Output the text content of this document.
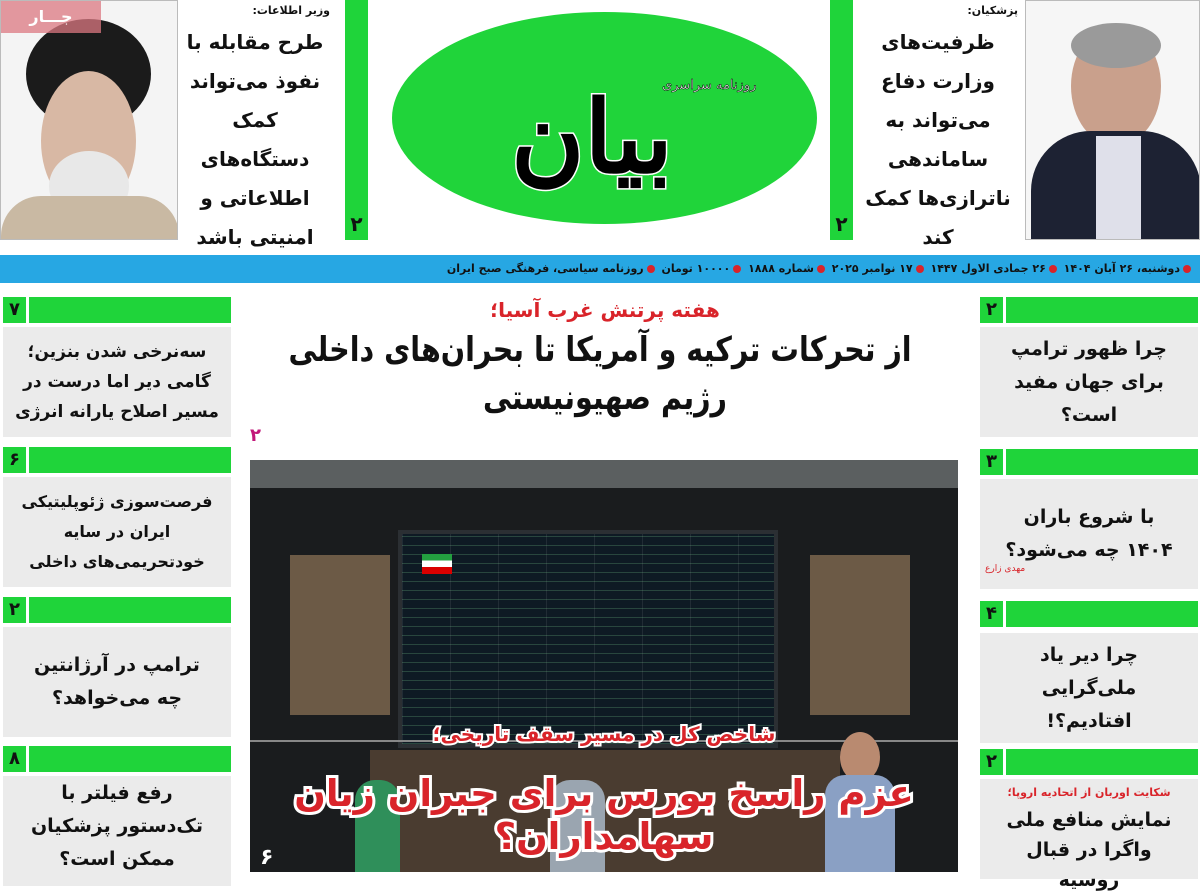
جـــار	وزیر اطلاعات:
طرح مقابله با نفوذ می‌تواند کمک دستگاه‌های اطلاعاتی و امنیتی باشد
۲
روزنامه سراسری
بیان
۲
پزشکیان:
ظرفیت‌های وزارت دفاع می‌تواند به ساماندهی ناترازی‌ها کمک کند
دوشنبه، ۲۶ آبان ۱۴۰۴ ۲۶ جمادی الاول ۱۴۴۷ ۱۷ نوامبر ۲۰۲۵ شماره ۱۸۸۸ ۱۰۰۰۰ تومان روزنامه سیاسی، فرهنگی صبح ایران
۷
سه‌نرخی شدن بنزین؛ گامی دیر اما درست در مسیر اصلاح یارانه انرژی
۶
فرصت‌سوزی ژئوپلیتیکی ایران در سایه خودتحریمی‌های داخلی
۲
ترامپ در آرژانتین چه می‌خواهد؟
۸
رفع فیلتر با تک‌دستور پزشکیان ممکن است؟
هفته پرتنش غرب آسیا؛
از تحرکات ترکیه و آمریکا تا بحران‌های داخلی
رژیم صهیونیستی
۲
شاخص کل در مسیر سقف تاریخی؛
عزم راسخ بورس برای جبران زیان سهامداران؟
۶
۲
چرا ظهور ترامپ برای جهان مفید است؟
۳
با شروع باران ۱۴۰۴ چه می‌شود؟
مهدی زارع
۴
چرا دیر یاد ملی‌گرایی افتادیم؟!
۲
شکایت اوربان از اتحادیه اروپا؛
نمایش منافع ملی واگرا در قبال روسیه
